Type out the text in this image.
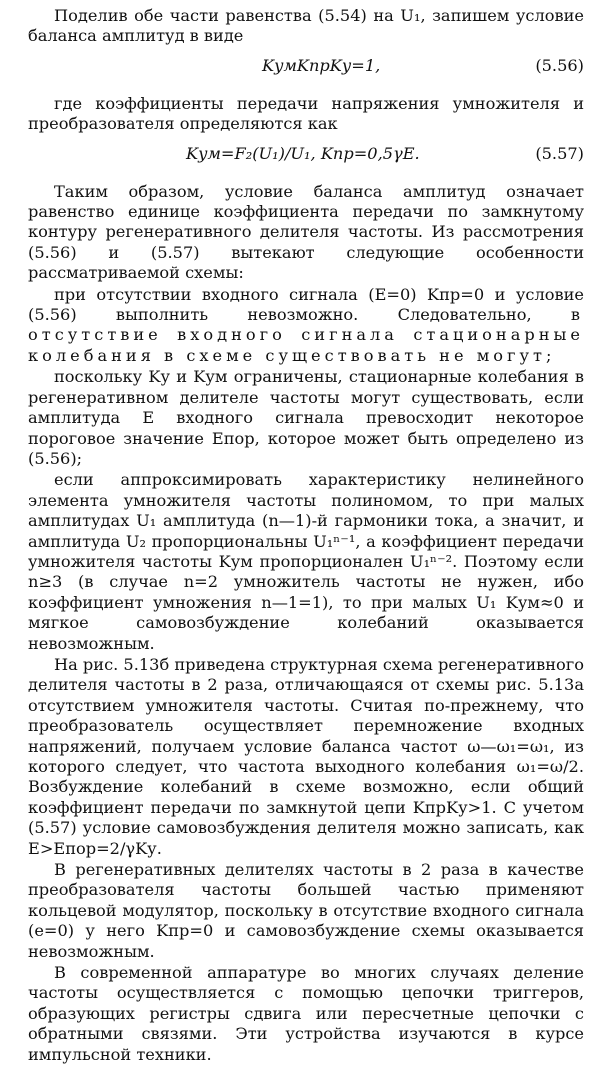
Поделив обе части равенства (5.54) на U₁, запишем условие баланса амплитуд в виде

KумKпрKу=1,	(5.56)

где коэффициенты передачи напряжения умножителя и преобразователя определяются как

Kум=F₂(U₁)/U₁, Kпр=0,5γE.	(5.57)

Таким образом, условие баланса амплитуд означает равенство единице коэффициента передачи по замкнутому контуру регенеративного делителя частоты. Из рассмотрения (5.56) и (5.57) вытекают следующие особенности рассматриваемой схемы:

при отсутствии входного сигнала (E=0) Kпр=0 и условие (5.56) выполнить невозможно. Следовательно, в отсутствие входного сигнала стационарные колебания в схеме существовать не могут;

поскольку Kу и Kум ограничены, стационарные колебания в регенеративном делителе частоты могут существовать, если амплитуда E входного сигнала превосходит некоторое пороговое значение Eпор, которое может быть определено из (5.56);

если аппроксимировать характеристику нелинейного элемента умножителя частоты полиномом, то при малых амплитудах U₁ амплитуда (n—1)-й гармоники тока, а значит, и амплитуда U₂ пропорциональны U₁ⁿ⁻¹, а коэффициент передачи умножителя частоты Kум пропорционален U₁ⁿ⁻². Поэтому если n≥3 (в случае n=2 умножитель частоты не нужен, ибо коэффициент умножения n—1=1), то при малых U₁ Kум≈0 и мягкое самовозбуждение колебаний оказывается невозможным.

На рис. 5.13б приведена структурная схема регенеративного делителя частоты в 2 раза, отличающаяся от схемы рис. 5.13а отсутствием умножителя частоты. Считая по-прежнему, что преобразователь осуществляет перемножение входных напряжений, получаем условие баланса частот ω—ω₁=ω₁, из которого следует, что частота выходного колебания ω₁=ω/2. Возбуждение колебаний в схеме возможно, если общий коэффициент передачи по замкнутой цепи KпрKу>1. С учетом (5.57) условие самовозбуждения делителя можно записать, как E>Eпор=2/γKу.

В регенеративных делителях частоты в 2 раза в качестве преобразователя частоты большей частью применяют кольцевой модулятор, поскольку в отсутствие входного сигнала (e=0) у него Kпр=0 и самовозбуждение схемы оказывается невозможным.

В современной аппаратуре во многих случаях деление частоты осуществляется с помощью цепочки триггеров, образующих регистры сдвига или пересчетные цепочки с обратными связями. Эти устройства изучаются в курсе импульсной техники.
